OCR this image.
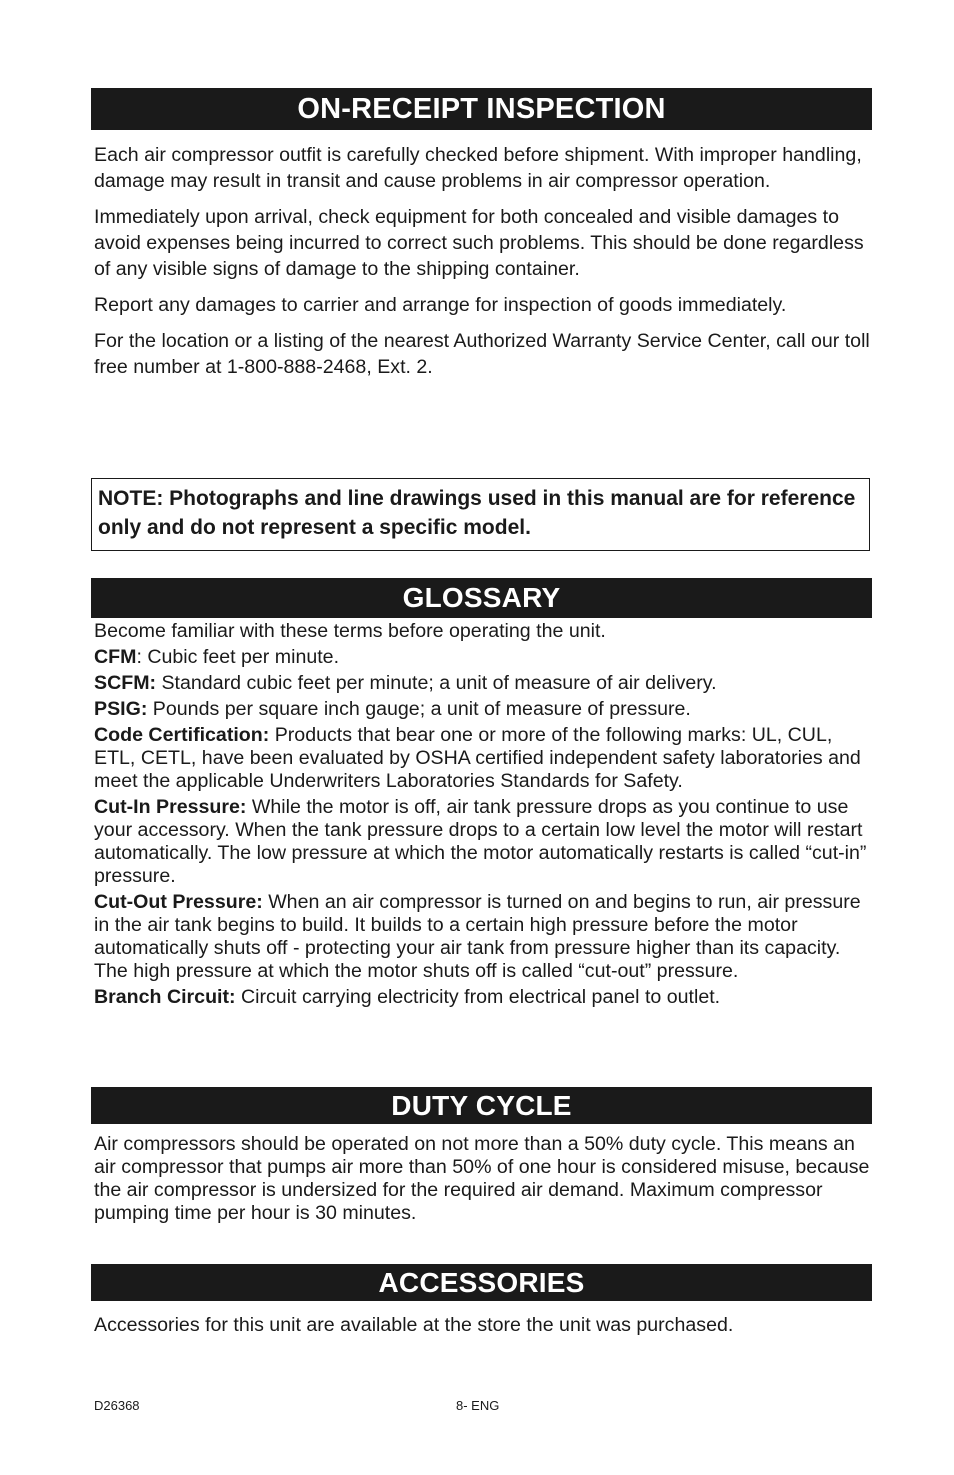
ON-RECEIPT INSPECTION

Each air compressor outfit is carefully checked before shipment. With improper handling, damage may result in transit and cause problems in air compressor operation.

Immediately upon arrival, check equipment for both concealed and visible damages to avoid expenses being incurred to correct such problems. This should be done regardless of any visible signs of damage to the shipping container.

Report any damages to carrier and arrange for inspection of goods immediately.

For the location or a listing of the nearest Authorized Warranty Service Center, call our toll free number at 1-800-888-2468, Ext. 2.

NOTE: Photographs and line drawings used in this manual are for reference only and do not represent a specific model.
GLOSSARY
Become familiar with these terms before operating the unit.
CFM: Cubic feet per minute.
SCFM: Standard cubic feet per minute; a unit of measure of air delivery.
PSIG: Pounds per square inch gauge; a unit of measure of pressure.
Code Certification: Products that bear one or more of the following marks: UL, CUL, ETL, CETL, have been evaluated by OSHA certified independent safety laboratories and meet the applicable Underwriters Laboratories Standards for Safety.
Cut-In Pressure: While the motor is off, air tank pressure drops as you continue to use your accessory. When the tank pressure drops to a certain low level the motor will restart automatically. The low pressure at which the motor automatically restarts is called “cut-in” pressure.
Cut-Out Pressure: When an air compressor is turned on and begins to run, air pressure in the air tank begins to build. It builds to a certain high pressure before the motor automatically shuts off - protecting your air tank from pressure higher than its capacity. The high pressure at which the motor shuts off is called “cut-out” pressure.
Branch Circuit: Circuit carrying electricity from electrical panel to outlet.
DUTY CYCLE
Air compressors should be operated on not more than a 50% duty cycle. This means an air compressor that pumps air more than 50% of one hour is considered misuse, because the air compressor is undersized for the required air demand. Maximum compressor pumping time per hour is 30 minutes.
ACCESSORIES
Accessories for this unit are available at the store the unit was purchased.
D26368	8- ENG
